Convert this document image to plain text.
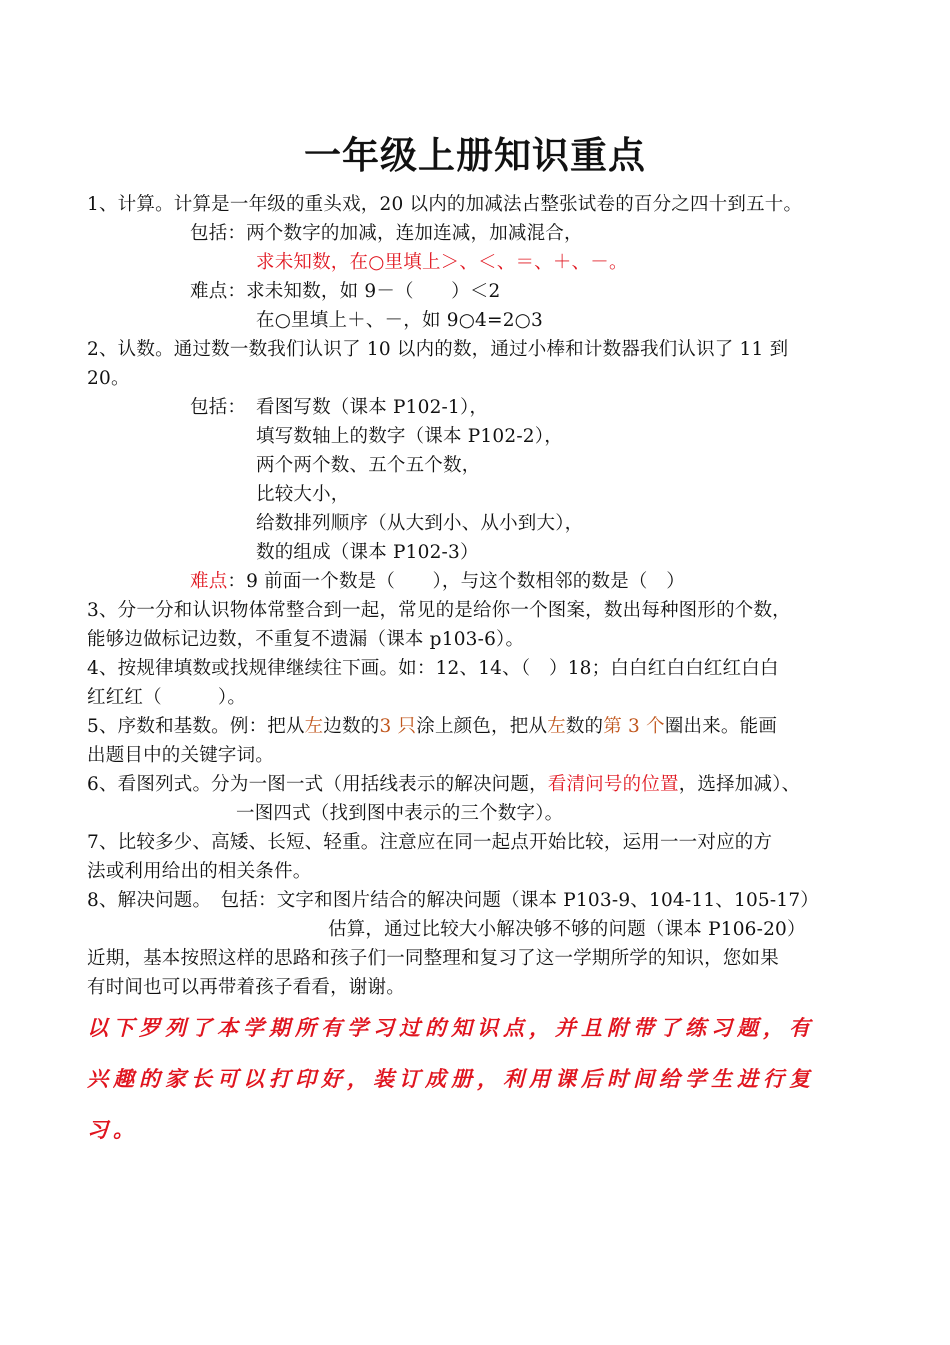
一年级上册知识重点
1、计算。计算是一年级的重头戏，20 以内的加减法占整张试卷的百分之四十到五十。
包括：两个数字的加减，连加连减，加减混合，
求未知数，在○里填上＞、＜、＝、＋、－。
难点：求未知数，如 9－（　　）＜2
在○里填上＋、－，如 9○4=2○3
2、认数。通过数一数我们认识了 10 以内的数，通过小棒和计数器我们认识了 11 到
20。
包括： 看图写数（课本 P102-1），
填写数轴上的数字（课本 P102-2），
两个两个数、五个五个数，
比较大小，
给数排列顺序（从大到小、从小到大），
数的组成（课本 P102-3）
难点：9 前面一个数是（　　），与这个数相邻的数是（　）
3、分一分和认识物体常整合到一起，常见的是给你一个图案，数出每种图形的个数，
能够边做标记边数，不重复不遗漏（课本 p103-6）。
4、按规律填数或找规律继续往下画。如：12、14、（　）18；白白红白白红红白白
红红红（　　　）。
5、序数和基数。例：把从左边数的3 只涂上颜色，把从左数的第 3 个圈出来。能画
出题目中的关键字词。
6、看图列式。分为一图一式（用括线表示的解决问题，看清问号的位置，选择加减）、
一图四式（找到图中表示的三个数字）。
7、比较多少、高矮、长短、轻重。注意应在同一起点开始比较，运用一一对应的方
法或利用给出的相关条件。
8、解决问题。　包括：文字和图片结合的解决问题（课本 P103-9、104-11、105-17）
估算，通过比较大小解决够不够的问题（课本 P106-20）
近期，基本按照这样的思路和孩子们一同整理和复习了这一学期所学的知识，您如果
有时间也可以再带着孩子看看，谢谢。
以下罗列了本学期所有学习过的知识点，并且附带了练习题，有
兴趣的家长可以打印好，装订成册，利用课后时间给学生进行复
习。
